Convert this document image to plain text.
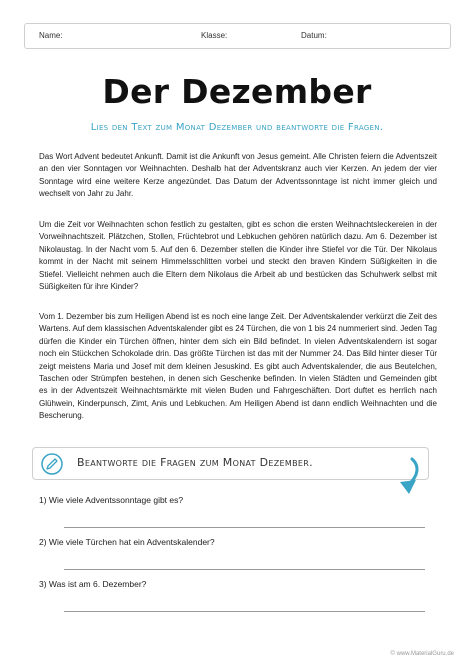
Name:	Klasse:	Datum:
Der Dezember
Lies den Text zum Monat Dezember und beantworte die Fragen.

Das Wort Advent bedeutet Ankunft. Damit ist die Ankunft von Jesus gemeint. Alle Christen feiern die Adventszeit an den vier Sonntagen vor Weihnachten. Deshalb hat der Adventskranz auch vier Kerzen. An jedem der vier Sonntage wird eine weitere Kerze angezündet. Das Datum der Adventssonntage ist nicht immer gleich und wechselt von Jahr zu Jahr.

Um die Zeit vor Weihnachten schon festlich zu gestalten, gibt es schon die ersten Weihnachtsleckereien in der Vorweihnachtszeit. Plätzchen, Stollen, Früchtebrot und Lebkuchen gehören natürlich dazu. Am 6. Dezember ist Nikolaustag. In der Nacht vom 5. Auf den 6. Dezember stellen die Kinder ihre Stiefel vor die Tür. Der Nikolaus kommt in der Nacht mit seinem Himmelsschlitten vorbei und steckt den braven Kindern Süßigkeiten in die Stiefel. Vielleicht nehmen auch die Eltern dem Nikolaus die Arbeit ab und bestücken das Schuhwerk selbst mit Süßigkeiten für ihre Kinder?

Vom 1. Dezember bis zum Heiligen Abend ist es noch eine lange Zeit. Der Adventskalender verkürzt die Zeit des Wartens. Auf dem klassischen Adventskalender gibt es 24 Türchen, die von 1 bis 24 nummeriert sind. Jeden Tag dürfen die Kinder ein Türchen öffnen, hinter dem sich ein Bild befindet. In vielen Adventskalendern ist sogar noch ein Stückchen Schokolade drin. Das größte Türchen ist das mit der Nummer 24. Das Bild hinter dieser Tür zeigt meistens Maria und Josef mit dem kleinen Jesuskind. Es gibt auch Adventskalender, die aus Beutelchen, Taschen oder Strümpfen bestehen, in denen sich Geschenke befinden. In vielen Städten und Gemeinden gibt es in der Adventszeit Weihnachtsmärkte mit vielen Buden und Fahrgeschäften. Dort duftet es herrlich nach Glühwein, Kinderpunsch, Zimt, Anis und Lebkuchen. Am Heiligen Abend ist dann endlich Weihnachten und die Bescherung.

Beantworte die Fragen zum Monat Dezember.
1) Wie viele Adventssonntage gibt es?
2) Wie viele Türchen hat ein Adventskalender?
3) Was ist am 6. Dezember?
© www.MaterialGuru.de
